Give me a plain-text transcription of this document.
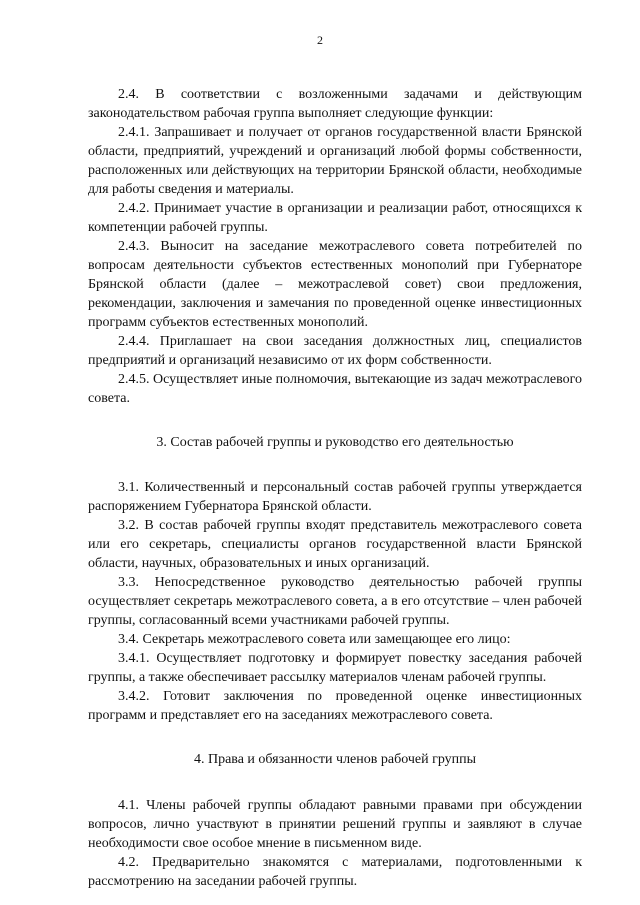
2

2.4. В соответствии с возложенными задачами и действующим законодательством рабочая группа выполняет следующие функции:

2.4.1. Запрашивает и получает от органов государственной власти Брянской области, предприятий, учреждений и организаций любой формы собственности, расположенных или действующих на территории Брянской области, необходимые для работы сведения и материалы.

2.4.2. Принимает участие в организации и реализации работ, относящихся к компетенции рабочей группы.

2.4.3. Выносит на заседание межотраслевого совета потребителей по вопросам деятельности субъектов естественных монополий при Губернаторе Брянской области (далее – межотраслевой совет) свои предложения, рекомендации, заключения и замечания по проведенной оценке инвестиционных программ субъектов естественных монополий.

2.4.4. Приглашает на свои заседания должностных лиц, специалистов предприятий и организаций независимо от их форм собственности.

2.4.5. Осуществляет иные полномочия, вытекающие из задач межотраслевого совета.

3. Состав рабочей группы и руководство его деятельностью

3.1. Количественный и персональный состав рабочей группы утверждается распоряжением Губернатора Брянской области.

3.2. В состав рабочей группы входят представитель межотраслевого совета или его секретарь, специалисты органов государственной власти Брянской области, научных, образовательных и иных организаций.

3.3. Непосредственное руководство деятельностью рабочей группы осуществляет секретарь межотраслевого совета, а в его отсутствие – член рабочей группы, согласованный всеми участниками рабочей группы.

3.4. Секретарь межотраслевого совета или замещающее его лицо:

3.4.1. Осуществляет подготовку и формирует повестку заседания рабочей группы, а также обеспечивает рассылку материалов членам рабочей группы.

3.4.2. Готовит заключения по проведенной оценке инвестиционных программ и представляет его на заседаниях межотраслевого совета.

4. Права и обязанности членов рабочей группы

4.1. Члены рабочей группы обладают равными правами при обсуждении вопросов, лично участвуют в принятии решений группы и заявляют в случае необходимости свое особое мнение в письменном виде.

4.2. Предварительно знакомятся с материалами, подготовленными к рассмотрению на заседании рабочей группы.
